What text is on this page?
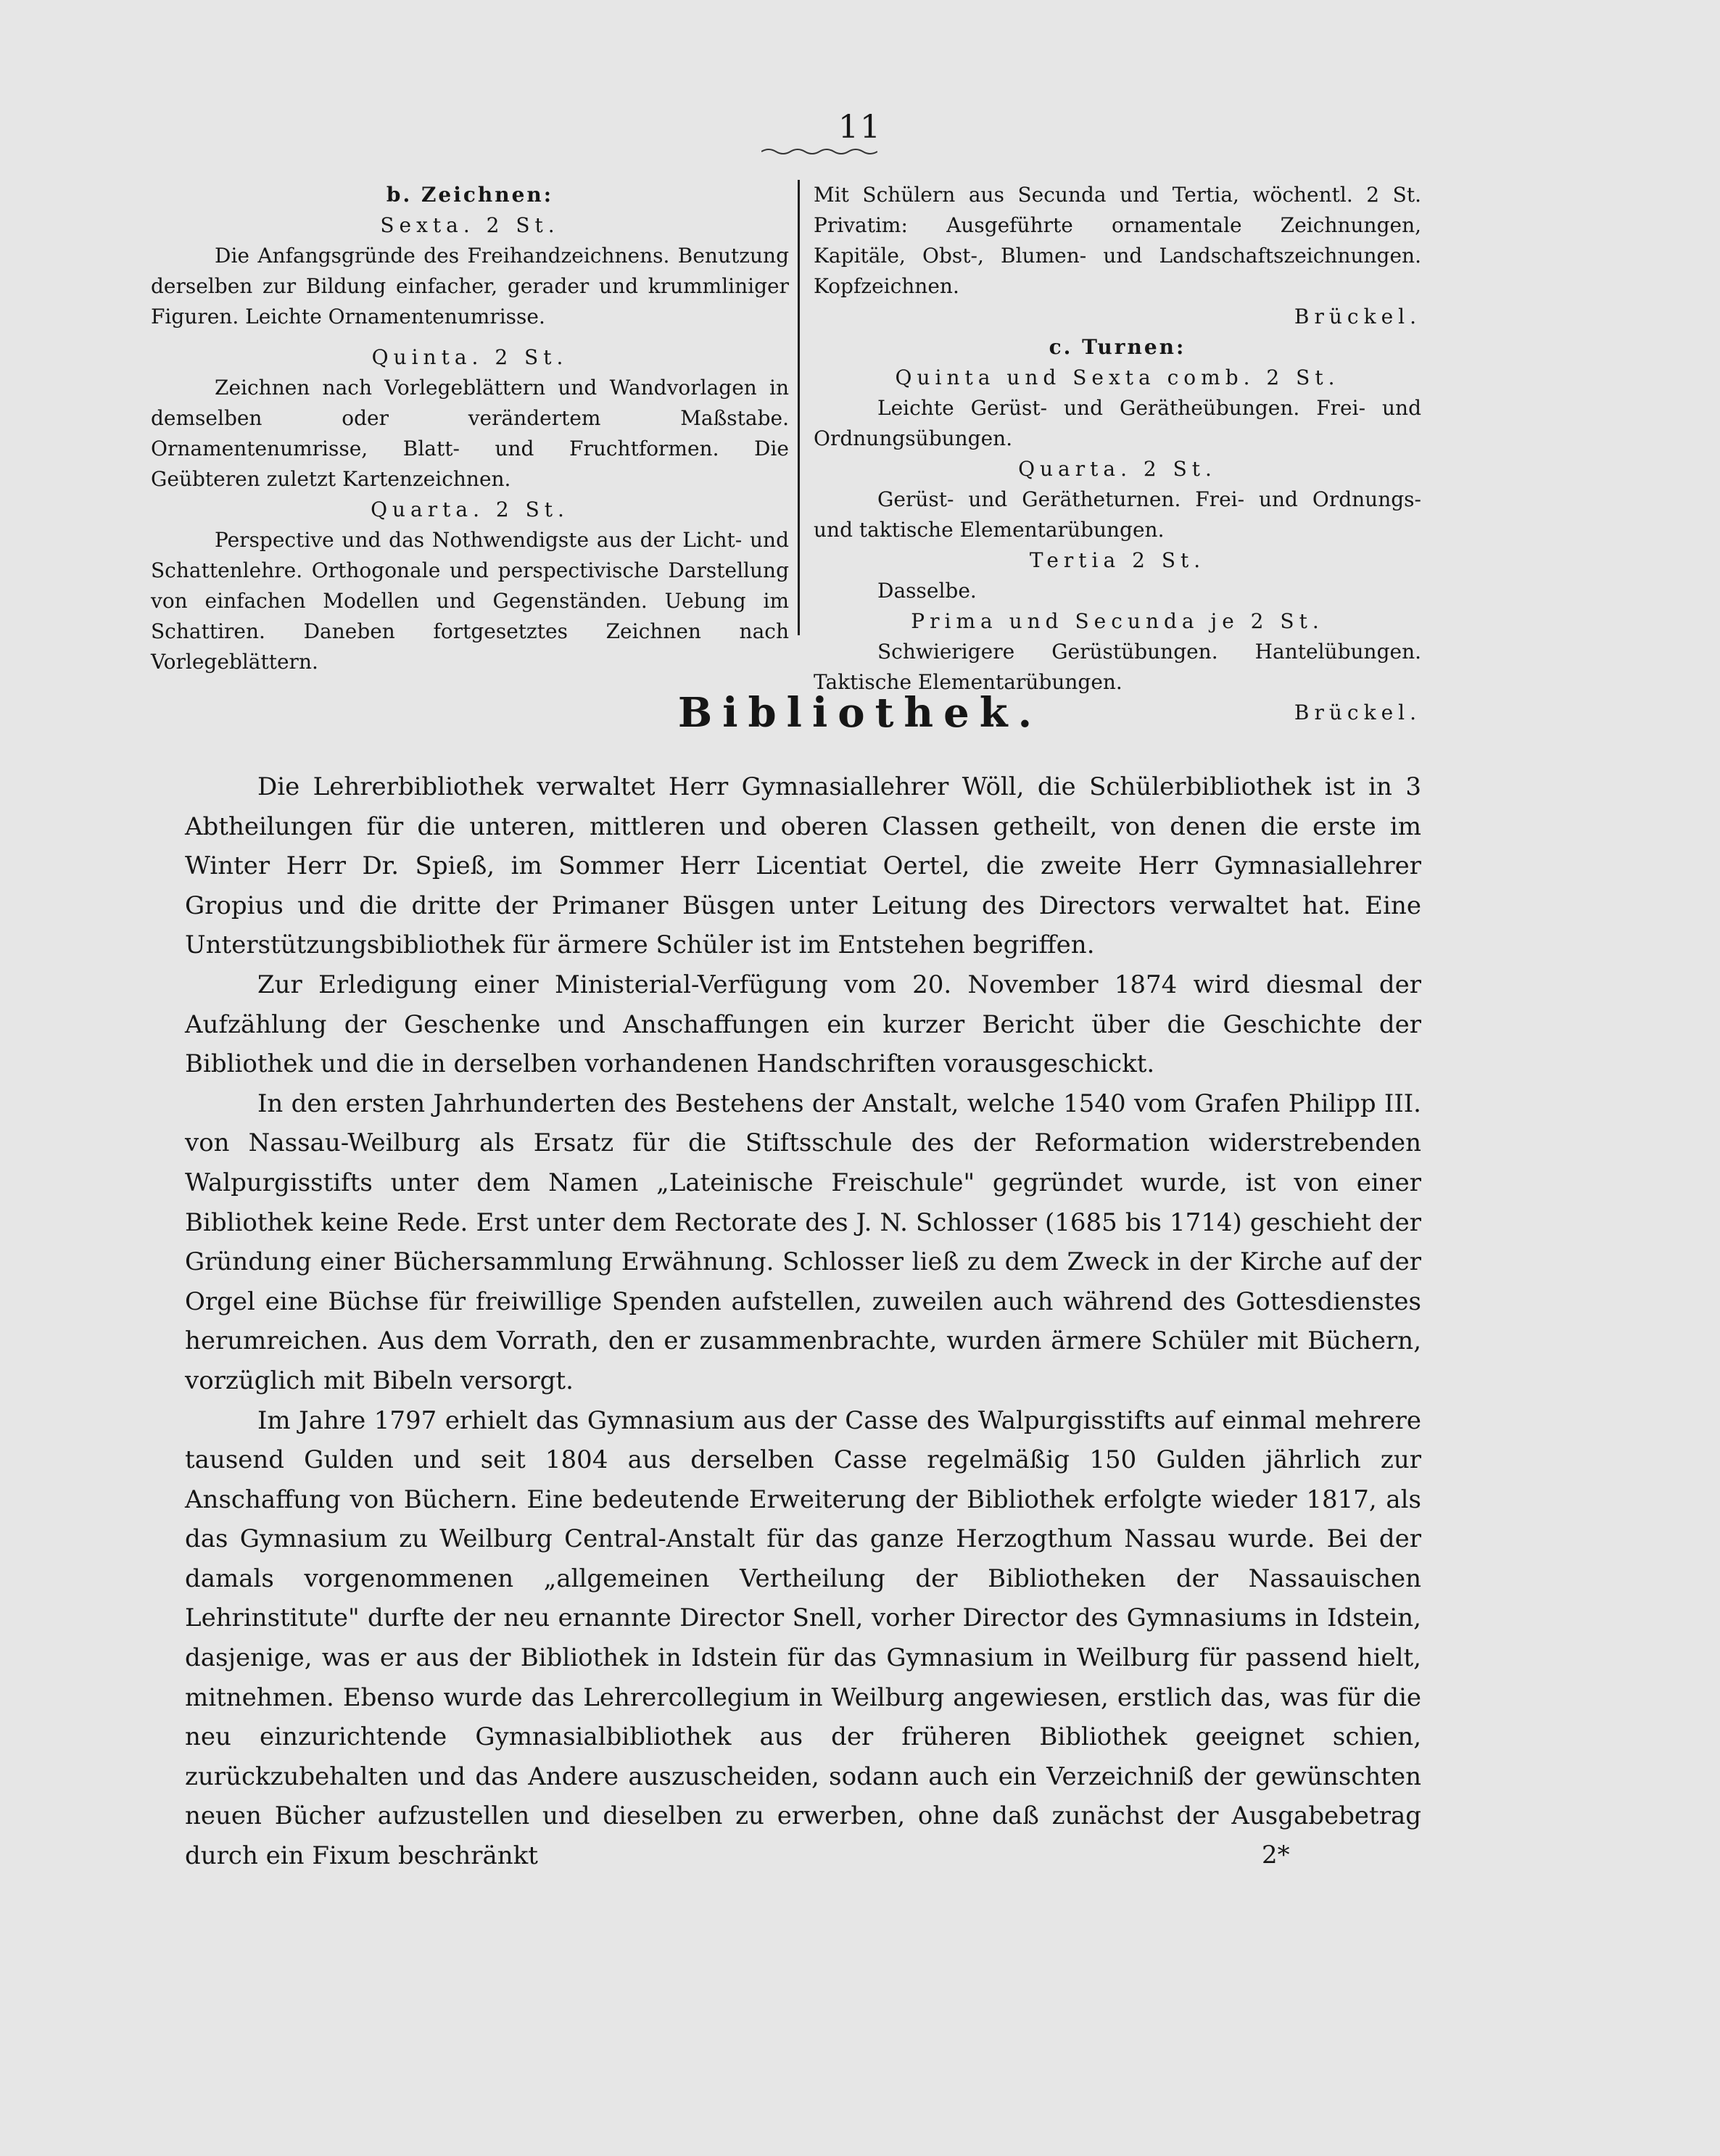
11

b. Zeichnen:

Sexta. 2 St.

Die Anfangsgründe des Freihandzeichnens. Benutzung derselben zur Bildung einfacher, gerader und krummliniger Figuren. Leichte Ornamentenumrisse.

Quinta. 2 St.

Zeichnen nach Vorlegeblättern und Wandvorlagen in demselben oder verändertem Maßstabe. Ornamentenumrisse, Blatt- und Fruchtformen. Die Geübteren zuletzt Kartenzeichnen.

Quarta. 2 St.

Perspective und das Nothwendigste aus der Licht- und Schattenlehre. Orthogonale und perspectivische Darstellung von einfachen Modellen und Gegenständen. Uebung im Schattiren. Daneben fortgesetztes Zeichnen nach Vorlegeblättern.

Mit Schülern aus Secunda und Tertia, wöchentl. 2 St. Privatim: Ausgeführte ornamentale Zeichnungen, Kapitäle, Obst-, Blumen- und Landschaftszeichnungen. Kopfzeichnen.

Brückel.

c. Turnen:

Quinta und Sexta comb. 2 St.

Leichte Gerüst- und Gerätheübungen. Frei- und Ordnungsübungen.

Quarta. 2 St.

Gerüst- und Gerätheturnen. Frei- und Ordnungs- und taktische Elementarübungen.

Tertia 2 St.

Dasselbe.

Prima und Secunda je 2 St.

Schwierigere Gerüstübungen. Hantelübungen. Taktische Elementarübungen.

Brückel.

Bibliothek.

Die Lehrerbibliothek verwaltet Herr Gymnasiallehrer Wöll, die Schülerbibliothek ist in 3 Abtheilungen für die unteren, mittleren und oberen Classen getheilt, von denen die erste im Winter Herr Dr. Spieß, im Sommer Herr Licentiat Oertel, die zweite Herr Gymnasiallehrer Gropius und die dritte der Primaner Büsgen unter Leitung des Directors verwaltet hat. Eine Unterstützungsbibliothek für ärmere Schüler ist im Entstehen begriffen.

Zur Erledigung einer Ministerial-Verfügung vom 20. November 1874 wird diesmal der Aufzählung der Geschenke und Anschaffungen ein kurzer Bericht über die Geschichte der Bibliothek und die in derselben vorhandenen Handschriften vorausgeschickt.

In den ersten Jahrhunderten des Bestehens der Anstalt, welche 1540 vom Grafen Philipp III. von Nassau-Weilburg als Ersatz für die Stiftsschule des der Reformation widerstrebenden Walpurgisstifts unter dem Namen „Lateinische Freischule" gegründet wurde, ist von einer Bibliothek keine Rede. Erst unter dem Rectorate des J. N. Schlosser (1685 bis 1714) geschieht der Gründung einer Büchersammlung Erwähnung. Schlosser ließ zu dem Zweck in der Kirche auf der Orgel eine Büchse für freiwillige Spenden aufstellen, zuweilen auch während des Gottesdienstes herumreichen. Aus dem Vorrath, den er zusammenbrachte, wurden ärmere Schüler mit Büchern, vorzüglich mit Bibeln versorgt.

Im Jahre 1797 erhielt das Gymnasium aus der Casse des Walpurgisstifts auf einmal mehrere tausend Gulden und seit 1804 aus derselben Casse regelmäßig 150 Gulden jährlich zur Anschaffung von Büchern. Eine bedeutende Erweiterung der Bibliothek erfolgte wieder 1817, als das Gymnasium zu Weilburg Central-Anstalt für das ganze Herzogthum Nassau wurde. Bei der damals vorgenommenen „allgemeinen Vertheilung der Bibliotheken der Nassauischen Lehrinstitute" durfte der neu ernannte Director Snell, vorher Director des Gymnasiums in Idstein, dasjenige, was er aus der Bibliothek in Idstein für das Gymnasium in Weilburg für passend hielt, mitnehmen. Ebenso wurde das Lehrercollegium in Weilburg angewiesen, erstlich das, was für die neu einzurichtende Gymnasialbibliothek aus der früheren Bibliothek geeignet schien, zurückzubehalten und das Andere auszuscheiden, sodann auch ein Verzeichniß der gewünschten neuen Bücher aufzustellen und dieselben zu erwerben, ohne daß zunächst der Ausgabebetrag durch ein Fixum beschränkt	2*
